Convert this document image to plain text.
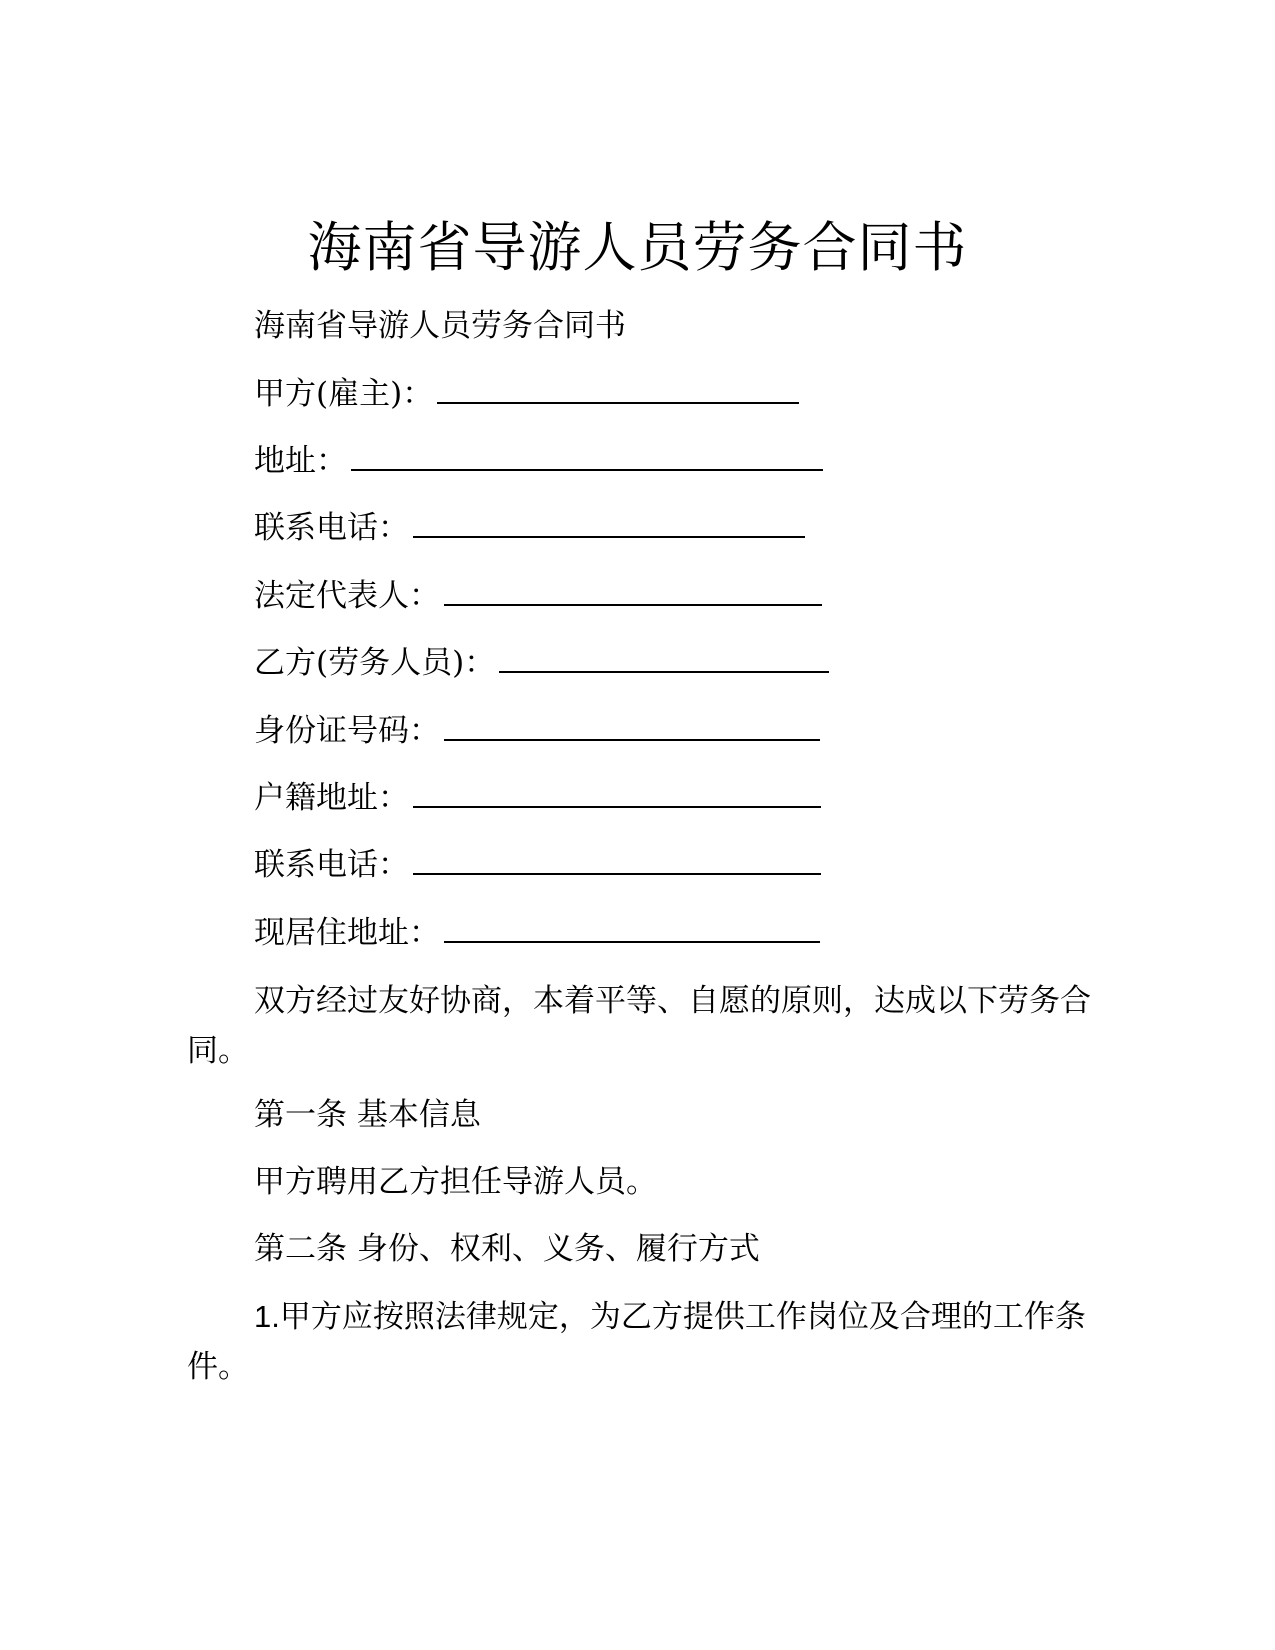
海南省导游人员劳务合同书
海南省导游人员劳务合同书
甲方(雇主)：
地址：
联系电话：
法定代表人：
乙方(劳务人员)：
身份证号码：
户籍地址：
联系电话：
现居住地址：
双方经过友好协商，本着平等、自愿的原则，达成以下劳务合同。
第一条 基本信息
甲方聘用乙方担任导游人员。
第二条 身份、权利、义务、履行方式
1.甲方应按照法律规定，为乙方提供工作岗位及合理的工作条件。
